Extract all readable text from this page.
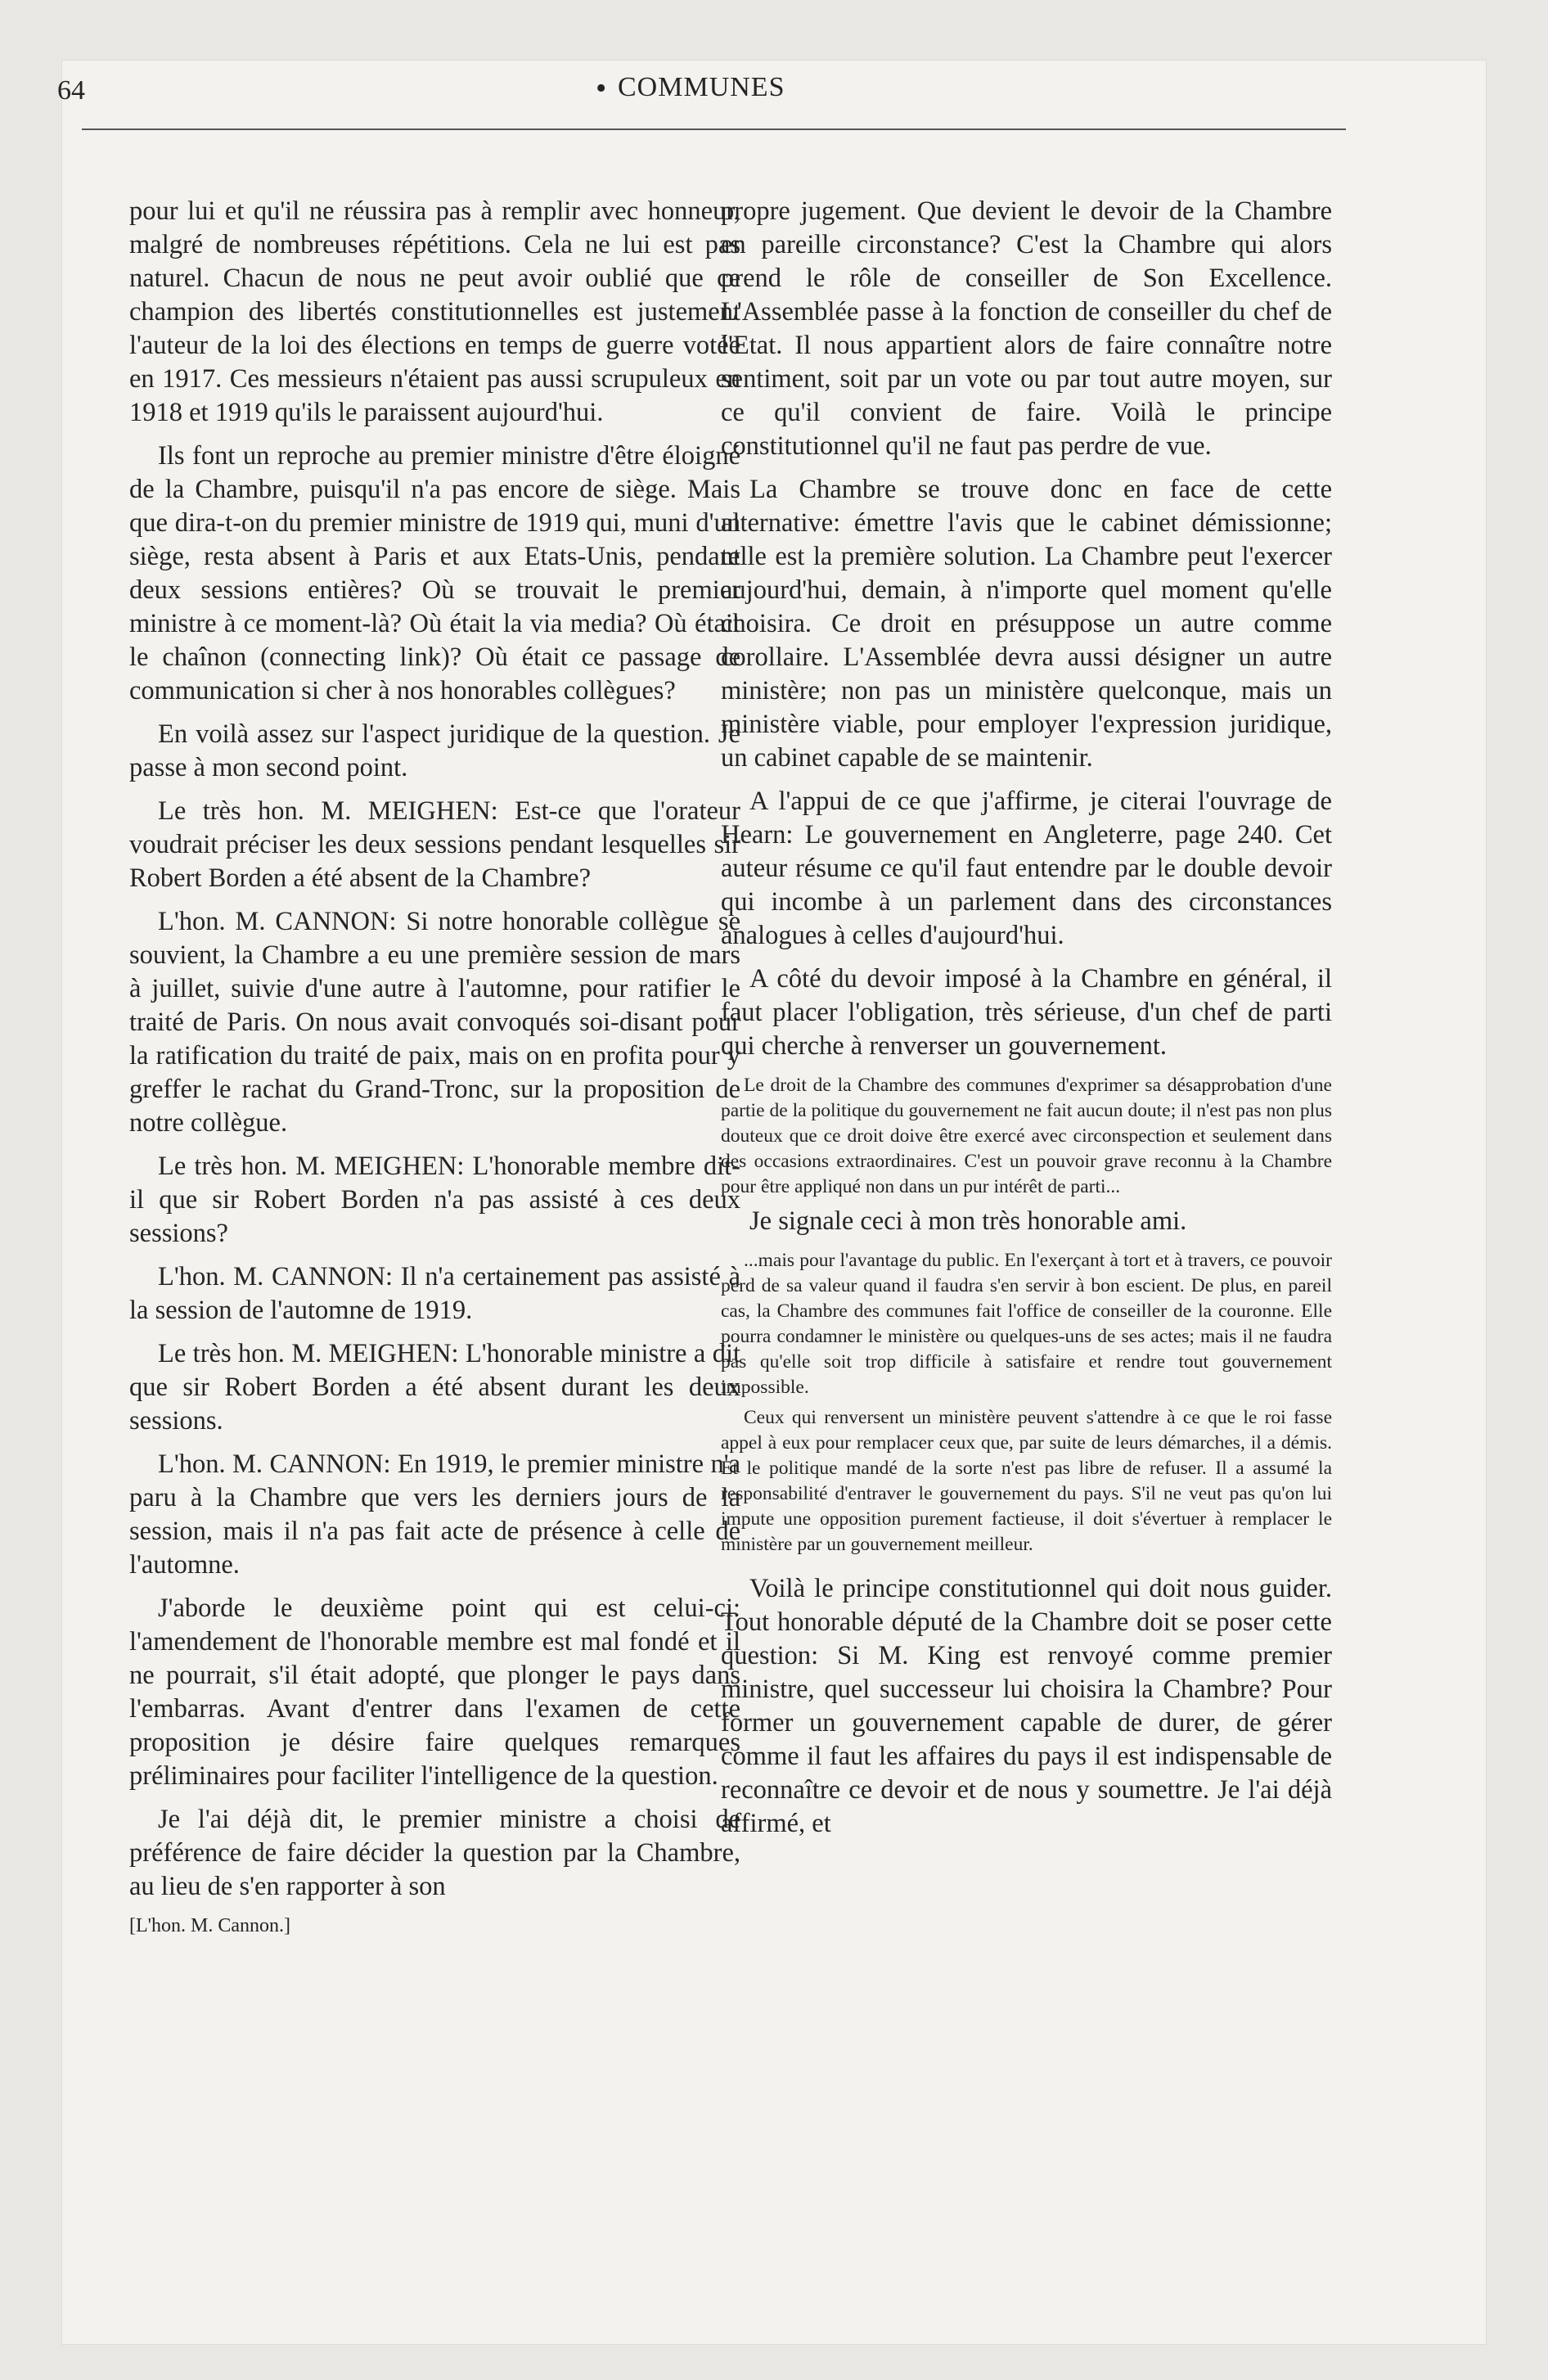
64	• COMMUNES

pour lui et qu'il ne réussira pas à remplir avec honneur, malgré de nombreuses répétitions. Cela ne lui est pas naturel. Chacun de nous ne peut avoir oublié que ce champion des libertés constitutionnelles est justement l'auteur de la loi des élections en temps de guerre votée en 1917. Ces messieurs n'étaient pas aussi scrupuleux en 1918 et 1919 qu'ils le paraissent aujourd'hui.

Ils font un reproche au premier ministre d'être éloigné de la Chambre, puisqu'il n'a pas encore de siège. Mais que dira-t-on du premier ministre de 1919 qui, muni d'un siège, resta absent à Paris et aux Etats-Unis, pendant deux sessions entières? Où se trouvait le premier ministre à ce moment-là? Où était la via media? Où était le chaînon (connecting link)? Où était ce passage de communication si cher à nos honorables collègues?

En voilà assez sur l'aspect juridique de la question. Je passe à mon second point.

Le très hon. M. MEIGHEN: Est-ce que l'orateur voudrait préciser les deux sessions pendant lesquelles sir Robert Borden a été absent de la Chambre?

L'hon. M. CANNON: Si notre honorable collègue se souvient, la Chambre a eu une première session de mars à juillet, suivie d'une autre à l'automne, pour ratifier le traité de Paris. On nous avait convoqués soi-disant pour la ratification du traité de paix, mais on en profita pour y greffer le rachat du Grand-Tronc, sur la proposition de notre collègue.

Le très hon. M. MEIGHEN: L'honorable membre dit-il que sir Robert Borden n'a pas assisté à ces deux sessions?

L'hon. M. CANNON: Il n'a certainement pas assisté à la session de l'automne de 1919.

Le très hon. M. MEIGHEN: L'honorable ministre a dit que sir Robert Borden a été absent durant les deux sessions.

L'hon. M. CANNON: En 1919, le premier ministre n'a paru à la Chambre que vers les derniers jours de la session, mais il n'a pas fait acte de présence à celle de l'automne.

J'aborde le deuxième point qui est celui-ci: l'amendement de l'honorable membre est mal fondé et il ne pourrait, s'il était adopté, que plonger le pays dans l'embarras. Avant d'entrer dans l'examen de cette proposition je désire faire quelques remarques préliminaires pour faciliter l'intelligence de la question.

Je l'ai déjà dit, le premier ministre a choisi de préférence de faire décider la question par la Chambre, au lieu de s'en rapporter à son

[L'hon. M. Cannon.]

propre jugement. Que devient le devoir de la Chambre en pareille circonstance? C'est la Chambre qui alors prend le rôle de conseiller de Son Excellence. L'Assemblée passe à la fonction de conseiller du chef de l'Etat. Il nous appartient alors de faire connaître notre sentiment, soit par un vote ou par tout autre moyen, sur ce qu'il convient de faire. Voilà le principe constitutionnel qu'il ne faut pas perdre de vue.

La Chambre se trouve donc en face de cette alternative: émettre l'avis que le cabinet démissionne; telle est la première solution. La Chambre peut l'exercer aujourd'hui, demain, à n'importe quel moment qu'elle choisira. Ce droit en présuppose un autre comme corollaire. L'Assemblée devra aussi désigner un autre ministère; non pas un ministère quelconque, mais un ministère viable, pour employer l'expression juridique, un cabinet capable de se maintenir.

A l'appui de ce que j'affirme, je citerai l'ouvrage de Hearn: Le gouvernement en Angleterre, page 240. Cet auteur résume ce qu'il faut entendre par le double devoir qui incombe à un parlement dans des circonstances analogues à celles d'aujourd'hui.

A côté du devoir imposé à la Chambre en général, il faut placer l'obligation, très sérieuse, d'un chef de parti qui cherche à renverser un gouvernement.

Le droit de la Chambre des communes d'exprimer sa désapprobation d'une partie de la politique du gouvernement ne fait aucun doute; il n'est pas non plus douteux que ce droit doive être exercé avec circonspection et seulement dans des occasions extraordinaires. C'est un pouvoir grave reconnu à la Chambre pour être appliqué non dans un pur intérêt de parti...

Je signale ceci à mon très honorable ami.

...mais pour l'avantage du public. En l'exerçant à tort et à travers, ce pouvoir perd de sa valeur quand il faudra s'en servir à bon escient. De plus, en pareil cas, la Chambre des communes fait l'office de conseiller de la couronne. Elle pourra condamner le ministère ou quelques-uns de ses actes; mais il ne faudra pas qu'elle soit trop difficile à satisfaire et rendre tout gouvernement impossible.

Ceux qui renversent un ministère peuvent s'attendre à ce que le roi fasse appel à eux pour remplacer ceux que, par suite de leurs démarches, il a démis. Et le politique mandé de la sorte n'est pas libre de refuser. Il a assumé la responsabilité d'entraver le gouvernement du pays. S'il ne veut pas qu'on lui impute une opposition purement factieuse, il doit s'évertuer à remplacer le ministère par un gouvernement meilleur.

Voilà le principe constitutionnel qui doit nous guider. Tout honorable député de la Chambre doit se poser cette question: Si M. King est renvoyé comme premier ministre, quel successeur lui choisira la Chambre? Pour former un gouvernement capable de durer, de gérer comme il faut les affaires du pays il est indispensable de reconnaître ce devoir et de nous y soumettre. Je l'ai déjà affirmé, et
